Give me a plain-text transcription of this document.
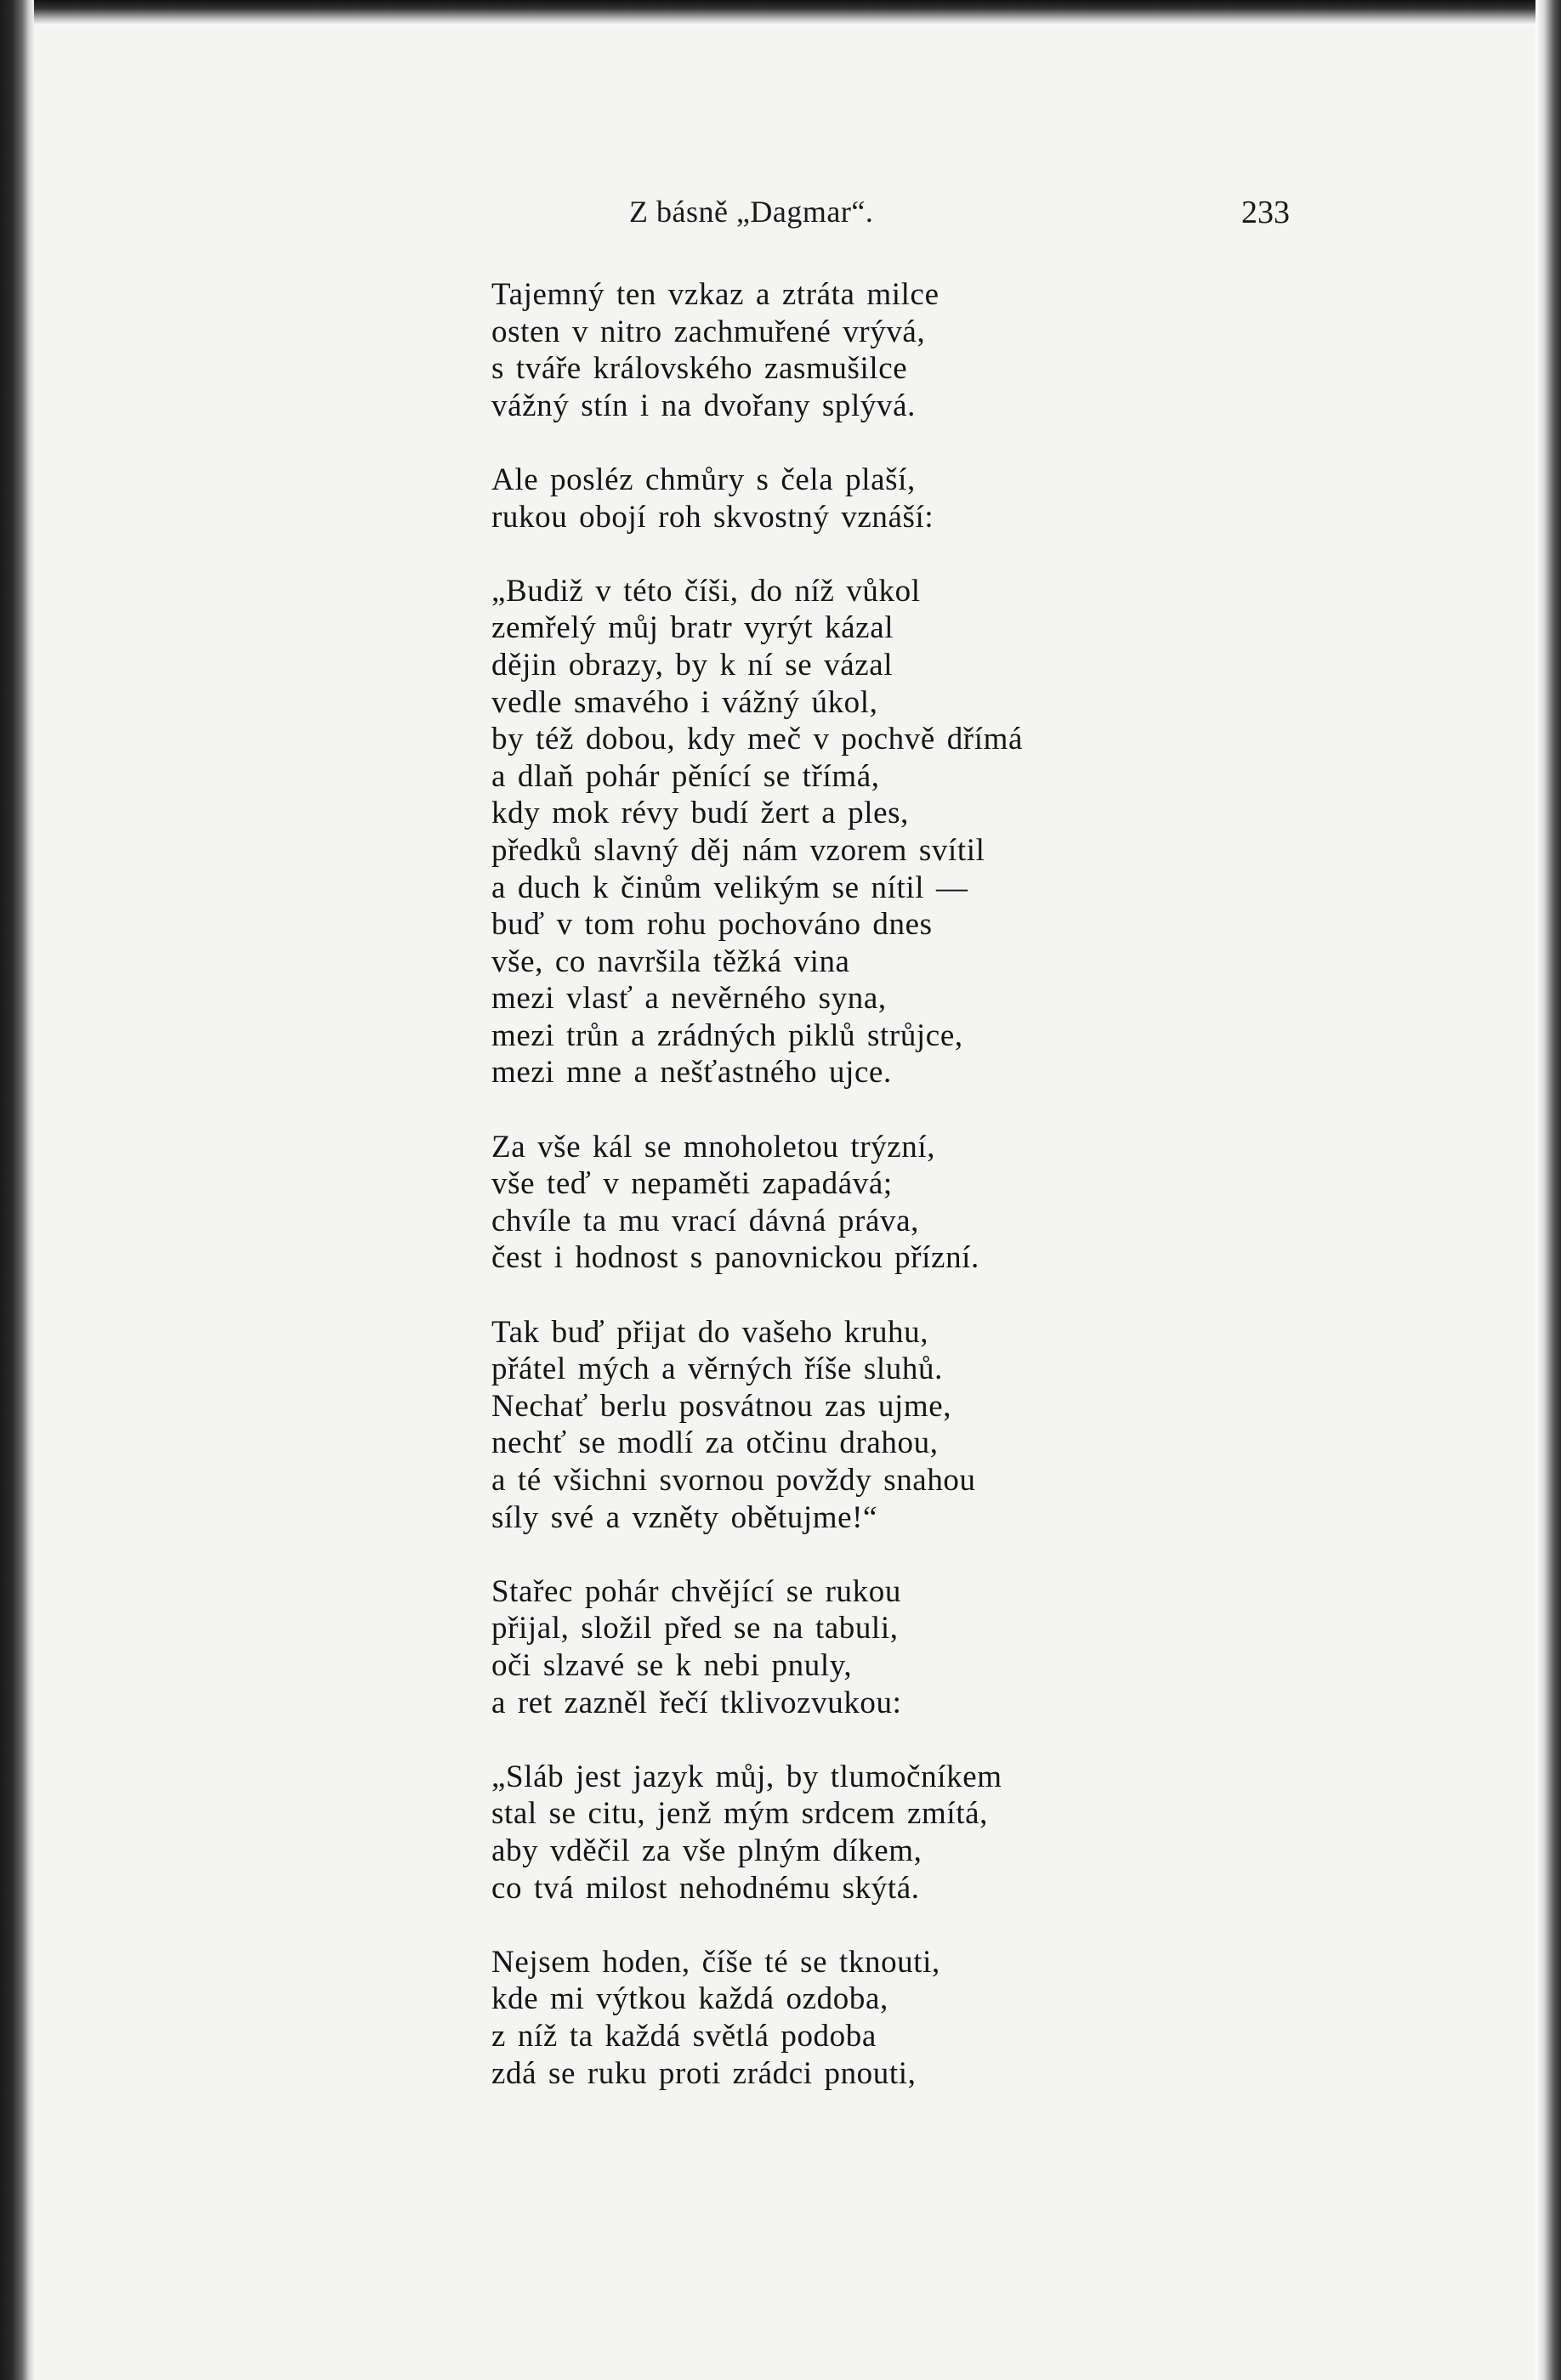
Z básně „Dagmar“.	233
Tajemný ten vzkaz a ztráta milce
osten v nitro zachmuřené vrývá,
s tváře královského zasmušilce
vážný stín i na dvořany splývá.
Ale posléz chmůry s čela plaší,
rukou obojí roh skvostný vznáší:
„Budiž v této číši, do níž vůkol
zemřelý můj bratr vyrýt kázal
dějin obrazy, by k ní se vázal
vedle smavého i vážný úkol,
by též dobou, kdy meč v pochvě dřímá
a dlaň pohár pěnící se třímá,
kdy mok révy budí žert a ples,
předků slavný děj nám vzorem svítil
a duch k činům velikým se nítil —
buď v tom rohu pochováno dnes
vše, co navršila těžká vina
mezi vlasť a nevěrného syna,
mezi trůn a zrádných piklů strůjce,
mezi mne a nešťastného ujce.
Za vše kál se mnoholetou trýzní,
vše teď v nepaměti zapadává;
chvíle ta mu vrací dávná práva,
čest i hodnost s panovnickou přízní.
Tak buď přijat do vašeho kruhu,
přátel mých a věrných říše sluhů.
Nechať berlu posvátnou zas ujme,
nechť se modlí za otčinu drahou,
a té všichni svornou povždy snahou
síly své a vzněty obětujme!“
Stařec pohár chvějící se rukou
přijal, složil před se na tabuli,
oči slzavé se k nebi pnuly,
a ret zazněl řečí tklivozvukou:
„Sláb jest jazyk můj, by tlumočníkem
stal se citu, jenž mým srdcem zmítá,
aby vděčil za vše plným díkem,
co tvá milost nehodnému skýtá.
Nejsem hoden, číše té se tknouti,
kde mi výtkou každá ozdoba,
z níž ta každá světlá podoba
zdá se ruku proti zrádci pnouti,
